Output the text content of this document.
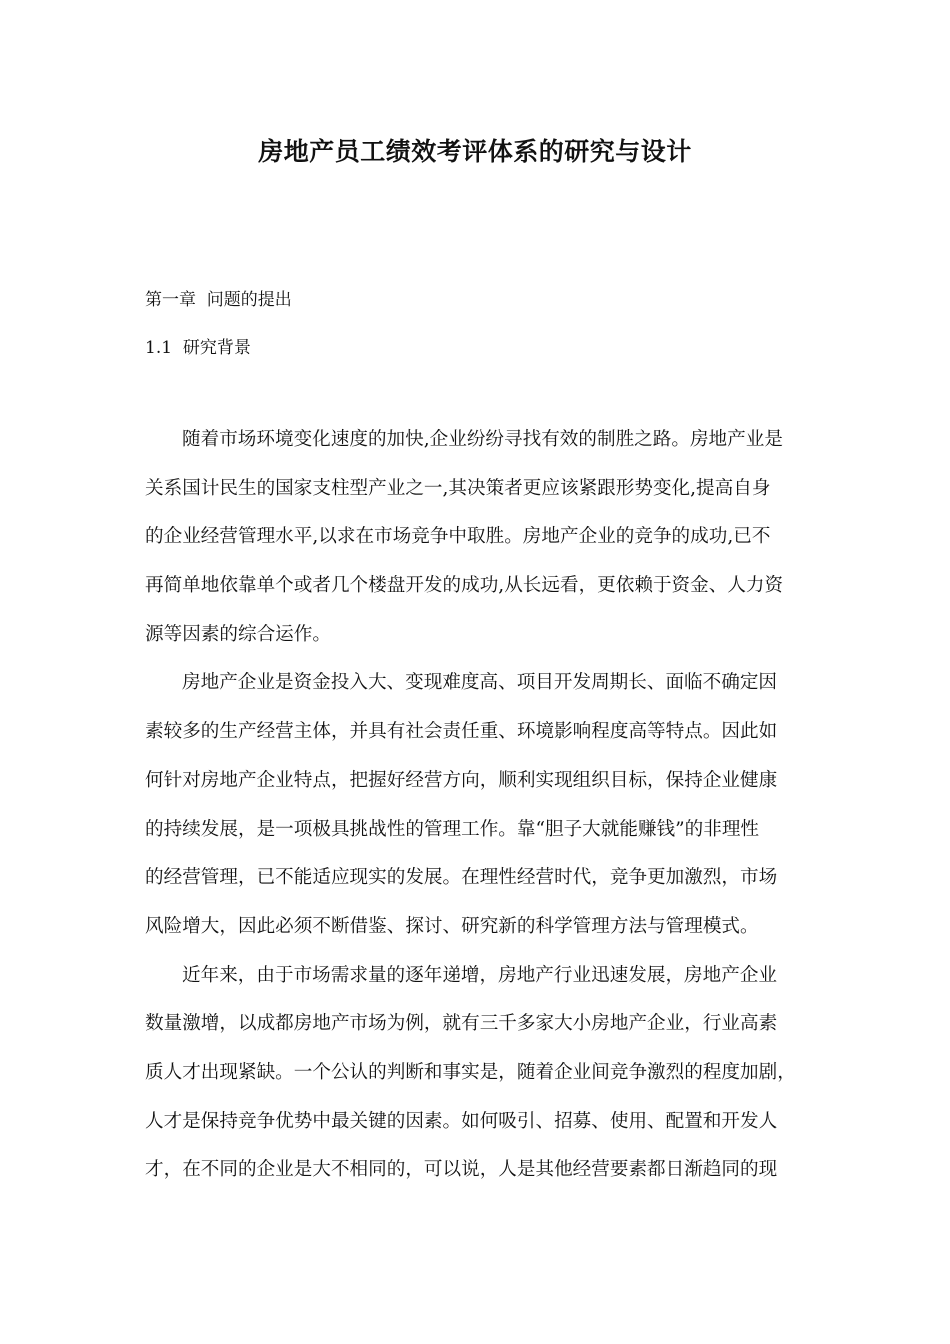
房地产员工绩效考评体系的研究与设计
第一章  问题的提出
1.1  研究背景
随着市场环境变化速度的加快,企业纷纷寻找有效的制胜之路。房地产业是
关系国计民生的国家支柱型产业之一,其决策者更应该紧跟形势变化,提高自身
的企业经营管理水平,以求在市场竞争中取胜。房地产企业的竞争的成功,已不
再简单地依靠单个或者几个楼盘开发的成功,从长远看，更依赖于资金、人力资
源等因素的综合运作。
房地产企业是资金投入大、变现难度高、项目开发周期长、面临不确定因
素较多的生产经营主体，并具有社会责任重、环境影响程度高等特点。因此如
何针对房地产企业特点，把握好经营方向，顺利实现组织目标，保持企业健康
的持续发展，是一项极具挑战性的管理工作。靠“胆子大就能赚钱”的非理性
的经营管理，已不能适应现实的发展。在理性经营时代，竞争更加激烈，市场
风险增大，因此必须不断借鉴、探讨、研究新的科学管理方法与管理模式。
近年来，由于市场需求量的逐年递增，房地产行业迅速发展，房地产企业
数量激增，以成都房地产市场为例，就有三千多家大小房地产企业，行业高素
质人才出现紧缺。一个公认的判断和事实是，随着企业间竞争激烈的程度加剧，
人才是保持竞争优势中最关键的因素。如何吸引、招募、使用、配置和开发人
才，在不同的企业是大不相同的，可以说，人是其他经营要素都日渐趋同的现
